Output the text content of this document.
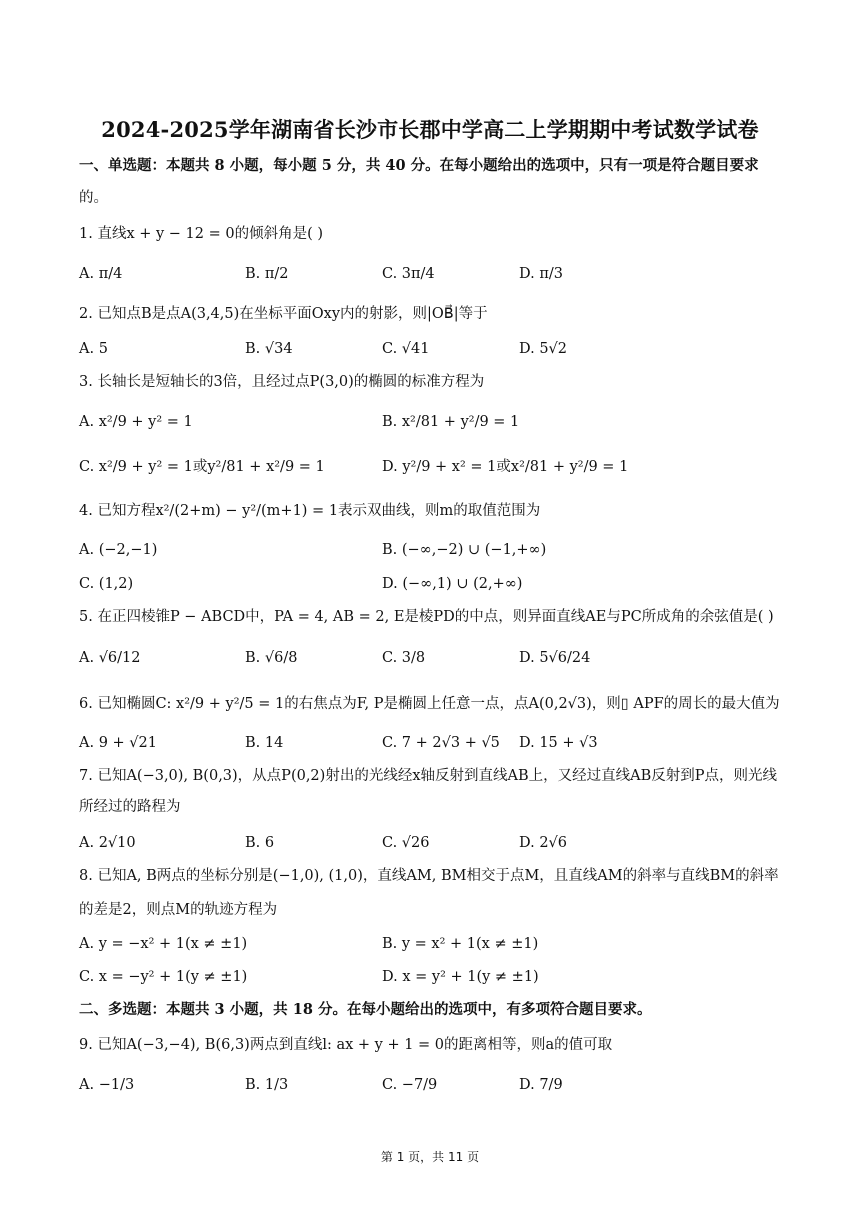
2024-2025学年湖南省长沙市长郡中学高二上学期期中考试数学试卷
一、单选题：本题共 8 小题，每小题 5 分，共 40 分。在每小题给出的选项中，只有一项是符合题目要求
的。
1. 直线x + y − 12 = 0的倾斜角是( )
A. π/4	B. π/2	C. 3π/4	D. π/3
2. 已知点B是点A(3,4,5)在坐标平面Oxy内的射影，则|OB⃗|等于
A. 5	B. √34	C. √41	D. 5√2
3. 长轴长是短轴长的3倍，且经过点P(3,0)的椭圆的标准方程为
A. x²/9 + y² = 1	B. x²/81 + y²/9 = 1
C. x²/9 + y² = 1或y²/81 + x²/9 = 1	D. y²/9 + x² = 1或x²/81 + y²/9 = 1
4. 已知方程x²/(2+m) − y²/(m+1) = 1表示双曲线，则m的取值范围为
A. (−2,−1)	B. (−∞,−2) ∪ (−1,+∞)
C. (1,2)	D. (−∞,1) ∪ (2,+∞)
5. 在正四棱锥P − ABCD中，PA = 4, AB = 2, E是棱PD的中点，则异面直线AE与PC所成角的余弦值是( )
A. √6/12	B. √6/8	C. 3/8	D. 5√6/24
6. 已知椭圆C: x²/9 + y²/5 = 1的右焦点为F, P是椭圆上任意一点，点A(0,2√3)，则▯ APF的周长的最大值为
A. 9 + √21	B. 14	C. 7 + 2√3 + √5 D. 15 + √3
7. 已知A(−3,0), B(0,3)，从点P(0,2)射出的光线经x轴反射到直线AB上，又经过直线AB反射到P点，则光线
所经过的路程为
A. 2√10	B. 6	C. √26	D. 2√6
8. 已知A, B两点的坐标分别是(−1,0), (1,0)，直线AM, BM相交于点M，且直线AM的斜率与直线BM的斜率
的差是2，则点M的轨迹方程为
A. y = −x² + 1(x ≠ ±1)	B. y = x² + 1(x ≠ ±1)
C. x = −y² + 1(y ≠ ±1)	D. x = y² + 1(y ≠ ±1)
二、多选题：本题共 3 小题，共 18 分。在每小题给出的选项中，有多项符合题目要求。
9. 已知A(−3,−4), B(6,3)两点到直线l: ax + y + 1 = 0的距离相等，则a的值可取
A. −1/3	B. 1/3	C. −7/9	D. 7/9
第 1 页，共 11 页
